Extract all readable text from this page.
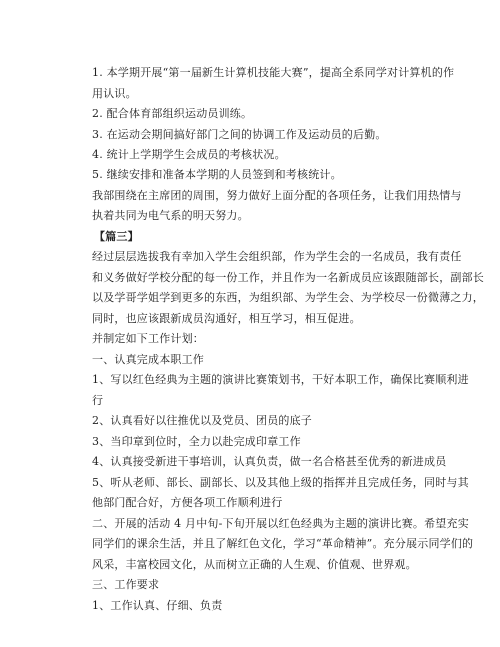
1. 本学期开展“第一届新生计算机技能大赛”，提高全系同学对计算机的作
用认识。
2. 配合体育部组织运动员训练。
3. 在运动会期间搞好部门之间的协调工作及运动员的后勤。
4. 统计上学期学生会成员的考核状况。
5. 继续安排和准备本学期的人员签到和考核统计。
我部围绕在主席团的周围，努力做好上面分配的各项任务，让我们用热情与
执着共同为电气系的明天努力。
【篇三】
经过层层选拔我有幸加入学生会组织部，作为学生会的一名成员，我有责任
和义务做好学校分配的每一份工作，并且作为一名新成员应该跟随部长，副部长
以及学哥学姐学到更多的东西，为组织部、为学生会、为学校尽一份微薄之力，
同时，也应该跟新成员沟通好，相互学习，相互促进。
并制定如下工作计划：
一、认真完成本职工作
1、写以红色经典为主题的演讲比赛策划书，干好本职工作，确保比赛顺利进
行
2、认真看好以往推优以及党员、团员的底子
3、当印章到位时，全力以赴完成印章工作
4、认真接受新进干事培训，认真负责，做一名合格甚至优秀的新进成员
5、听从老师、部长、副部长、以及其他上级的指挥并且完成任务，同时与其
他部门配合好，方便各项工作顺利进行
二、开展的活动 4 月中旬-下旬开展以红色经典为主题的演讲比赛。希望充实
同学们的课余生活，并且了解红色文化，学习“革命精神”。充分展示同学们的
风采，丰富校园文化，从而树立正确的人生观、价值观、世界观。
三、工作要求
1、工作认真、仔细、负责
